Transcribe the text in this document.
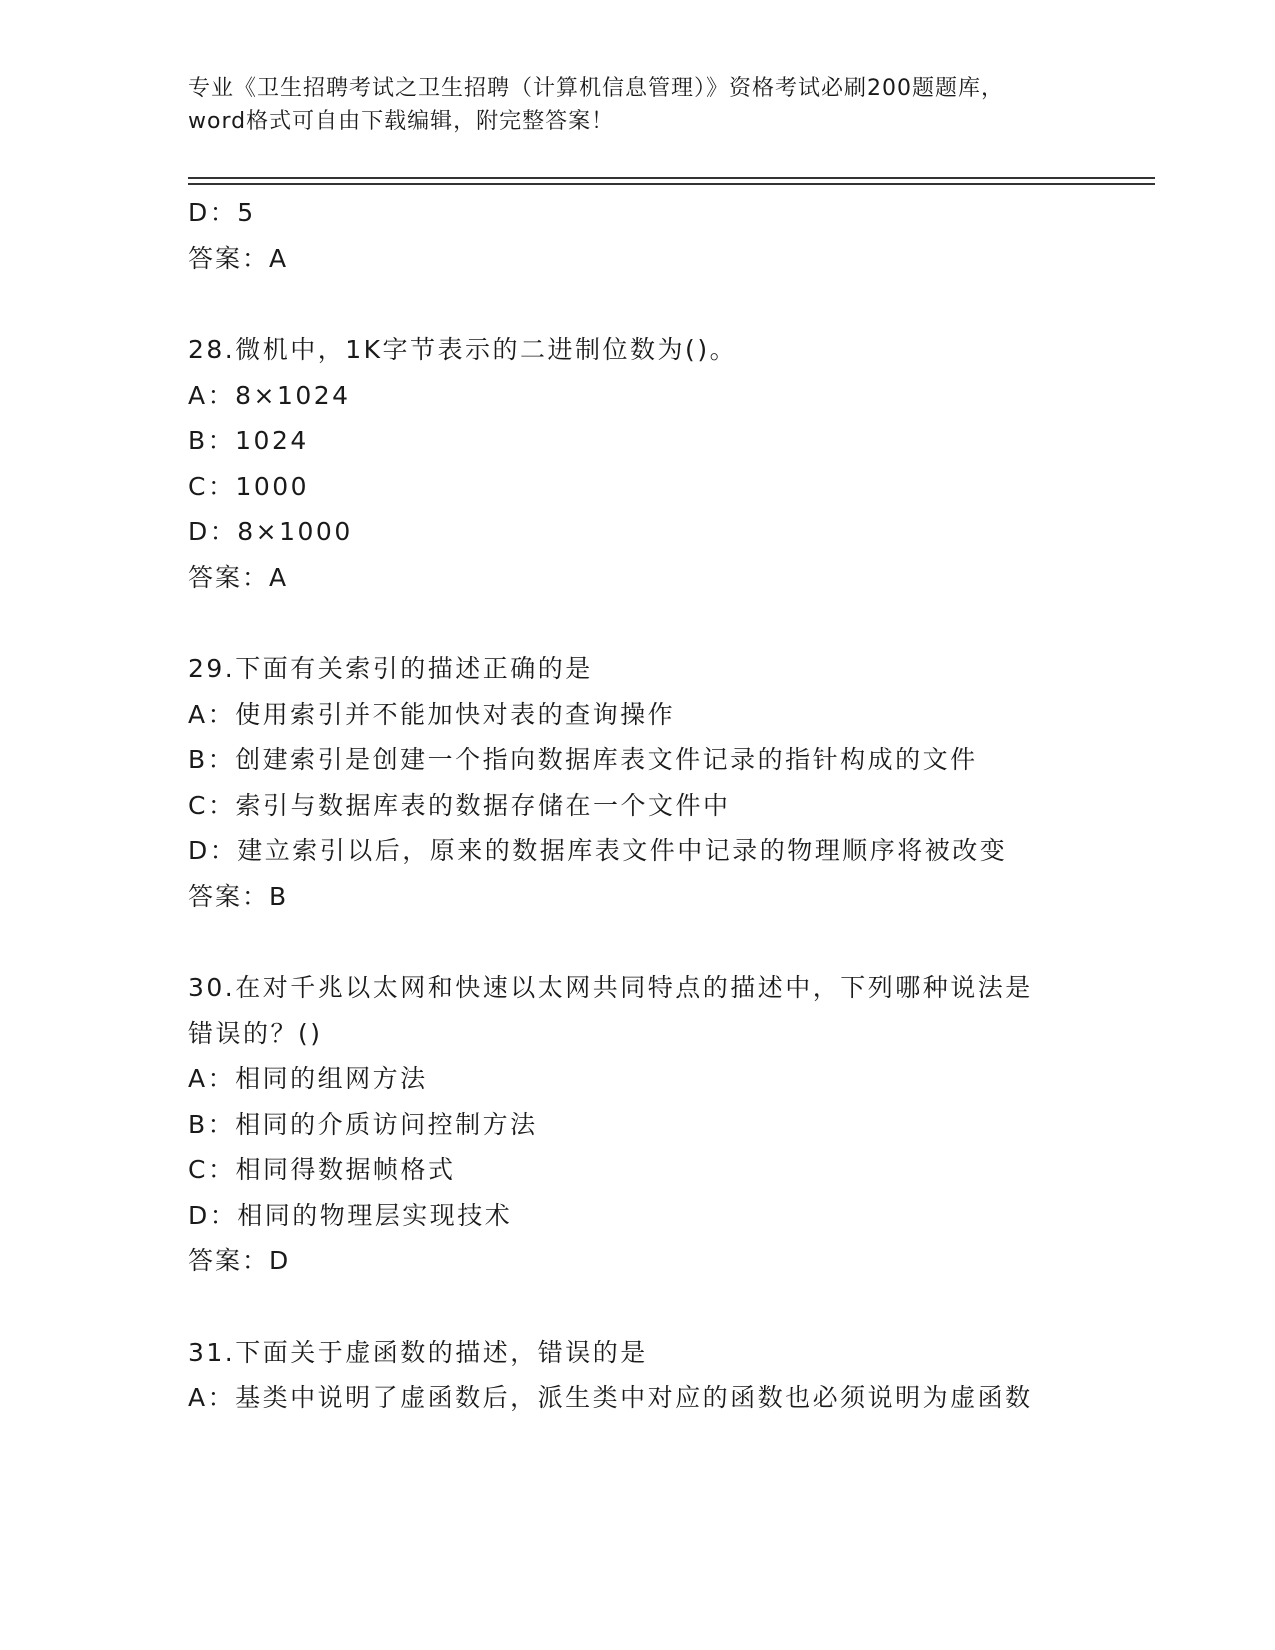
专业《卫生招聘考试之卫生招聘（计算机信息管理）》资格考试必刷200题题库，
word格式可自由下载编辑，附完整答案！
D：5
答案：A
28.微机中，1K字节表示的二进制位数为()。
A：8×1024
B：1024
C：1000
D：8×1000
答案：A
29.下面有关索引的描述正确的是
A：使用索引并不能加快对表的查询操作
B：创建索引是创建一个指向数据库表文件记录的指针构成的文件
C：索引与数据库表的数据存储在一个文件中
D：建立索引以后，原来的数据库表文件中记录的物理顺序将被改变
答案：B
30.在对千兆以太网和快速以太网共同特点的描述中，下列哪种说法是
错误的？()
A：相同的组网方法
B：相同的介质访问控制方法
C：相同得数据帧格式
D：相同的物理层实现技术
答案：D
31.下面关于虚函数的描述，错误的是
A：基类中说明了虚函数后，派生类中对应的函数也必须说明为虚函数
